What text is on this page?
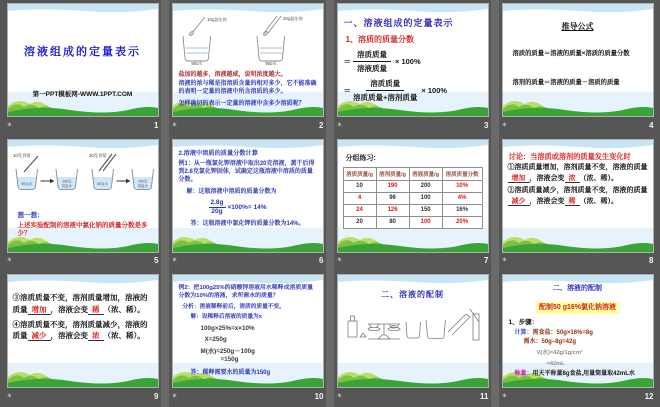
溶液组成的定量表示
第一PPT模板网-WWW.1PPT.COM
✶	1
10g氯化钠	20g氯化钠
90g水	90g水

盐加的越多，溶液越咸，说明浓度越大。

溶液的浓与稀是指溶质含量的相对多少，它不能准确的表明一定量的溶液中所含溶质的多少。

怎样确切的表示一定量的溶液中含多少溶质呢？

✶	2
一、溶液组成的定量表示
1、溶质的质量分数
＝ $\frac{\text{溶质质量}}{\text{溶液质量}} \times 100\%$
＝ $\frac{\text{溶质质量}}{\text{溶质质量+溶剂质量}} \times 100\%$
✶	3
推导公式

溶质的质量＝溶液的质量×溶质的质量分数

溶剂的质量＝溶液的质量－溶质的质量

✶	4
10克食盐	20克食盐
90克水
100克
食盐水	80克水
100克
食盐水

想一想：

上述实验配制的溶液中氯化钠的质量分数是多少？

✶	5

2.溶液中溶质的质量分数计算

例1：从一瓶氯化钾溶液中取出20克溶液，蒸干后得到2.8克氯化钾固体，试确定这瓶溶液中溶质的质量分数。

解：这瓶溶液中溶质的质量分数为

$\frac{2.8g}{20g} \times 100\%= 14\%$

答：这瓶溶液中氯化钾的质量分数为14%。

✶	6

分组练习:

溶质质量/g	溶剂质量/g	溶液质量/g	溶质质量分数
10	190	200	10%
4	96	100	4%
24	126	150	16%
20	80	100	20%
✶	7

讨论：当溶质或溶剂的质量发生变化时

①溶质质量增加，溶剂质量不变，溶液的质量增加 ，溶液会变 浓 （浓、稀）。

②溶质质量减少，溶剂质量不变，溶液的质量减少 ，溶液会变 稀 （浓、稀）。

✶	8

③溶质质量不变，溶剂质量增加，溶液的质量 增加 ，溶液会变 稀 （浓、稀）。

④溶质质量不变，溶剂质量减少，溶液的质量 减少 ，溶液会变 浓 （浓、稀）。

✶	9

例2：把100g25%的硝酸钾溶液用水稀释成溶质质量分数为10%的溶液，求所需水的质量？

分析：溶液稀释前后，溶质的质量不变。

解：设稀释后溶液的质量为x

100g×25%=x×10%

X=250g

M(水)=250g－100g

=150g

答：稀释需要水的质量为150g

✶	10
二、溶液的配制
✶	11

二、溶液的配制

配制50 g16%氯化钠溶液

1、步骤：

计算：需食盐：50g×16%=8g

需水：50g–8g=42g

V(水)=42g/1g/cm³

=42mL

称量：用天平称量8g食盐,用量筒量取42mL水

✶	12
